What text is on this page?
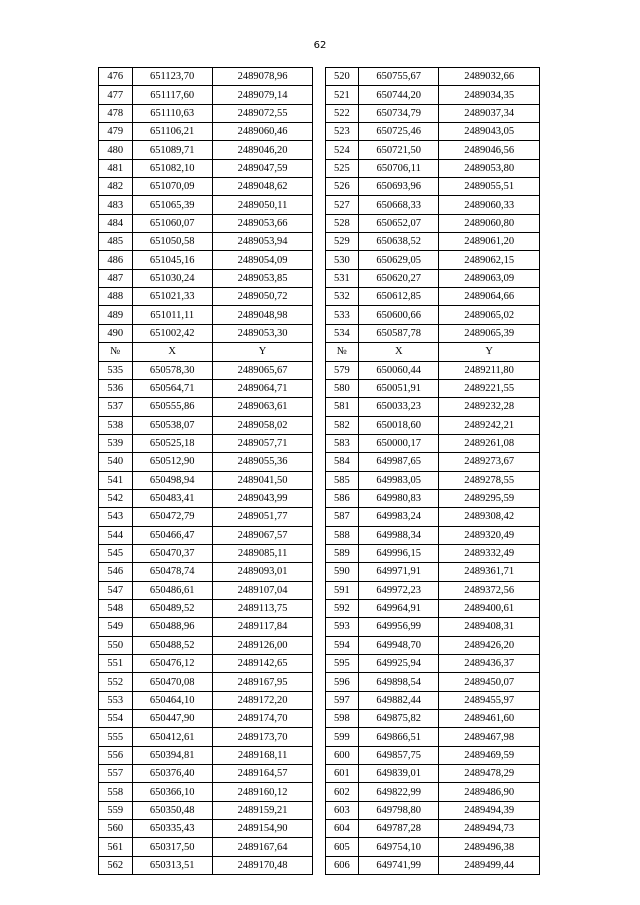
62
476	651123,70	2489078,96		520	650755,67	2489032,66
477	651117,60	2489079,14		521	650744,20	2489034,35
478	651110,63	2489072,55		522	650734,79	2489037,34
479	651106,21	2489060,46		523	650725,46	2489043,05
480	651089,71	2489046,20		524	650721,50	2489046,56
481	651082,10	2489047,59		525	650706,11	2489053,80
482	651070,09	2489048,62		526	650693,96	2489055,51
483	651065,39	2489050,11		527	650668,33	2489060,33
484	651060,07	2489053,66		528	650652,07	2489060,80
485	651050,58	2489053,94		529	650638,52	2489061,20
486	651045,16	2489054,09		530	650629,05	2489062,15
487	651030,24	2489053,85		531	650620,27	2489063,09
488	651021,33	2489050,72		532	650612,85	2489064,66
489	651011,11	2489048,98		533	650600,66	2489065,02
490	651002,42	2489053,30		534	650587,78	2489065,39
№	X	Y		№	X	Y
535	650578,30	2489065,67		579	650060,44	2489211,80
536	650564,71	2489064,71		580	650051,91	2489221,55
537	650555,86	2489063,61		581	650033,23	2489232,28
538	650538,07	2489058,02		582	650018,60	2489242,21
539	650525,18	2489057,71		583	650000,17	2489261,08
540	650512,90	2489055,36		584	649987,65	2489273,67
541	650498,94	2489041,50		585	649983,05	2489278,55
542	650483,41	2489043,99		586	649980,83	2489295,59
543	650472,79	2489051,77		587	649983,24	2489308,42
544	650466,47	2489067,57		588	649988,34	2489320,49
545	650470,37	2489085,11		589	649996,15	2489332,49
546	650478,74	2489093,01		590	649971,91	2489361,71
547	650486,61	2489107,04		591	649972,23	2489372,56
548	650489,52	2489113,75		592	649964,91	2489400,61
549	650488,96	2489117,84		593	649956,99	2489408,31
550	650488,52	2489126,00		594	649948,70	2489426,20
551	650476,12	2489142,65		595	649925,94	2489436,37
552	650470,08	2489167,95		596	649898,54	2489450,07
553	650464,10	2489172,20		597	649882,44	2489455,97
554	650447,90	2489174,70		598	649875,82	2489461,60
555	650412,61	2489173,70		599	649866,51	2489467,98
556	650394,81	2489168,11		600	649857,75	2489469,59
557	650376,40	2489164,57		601	649839,01	2489478,29
558	650366,10	2489160,12		602	649822,99	2489486,90
559	650350,48	2489159,21		603	649798,80	2489494,39
560	650335,43	2489154,90		604	649787,28	2489494,73
561	650317,50	2489167,64		605	649754,10	2489496,38
562	650313,51	2489170,48		606	649741,99	2489499,44
